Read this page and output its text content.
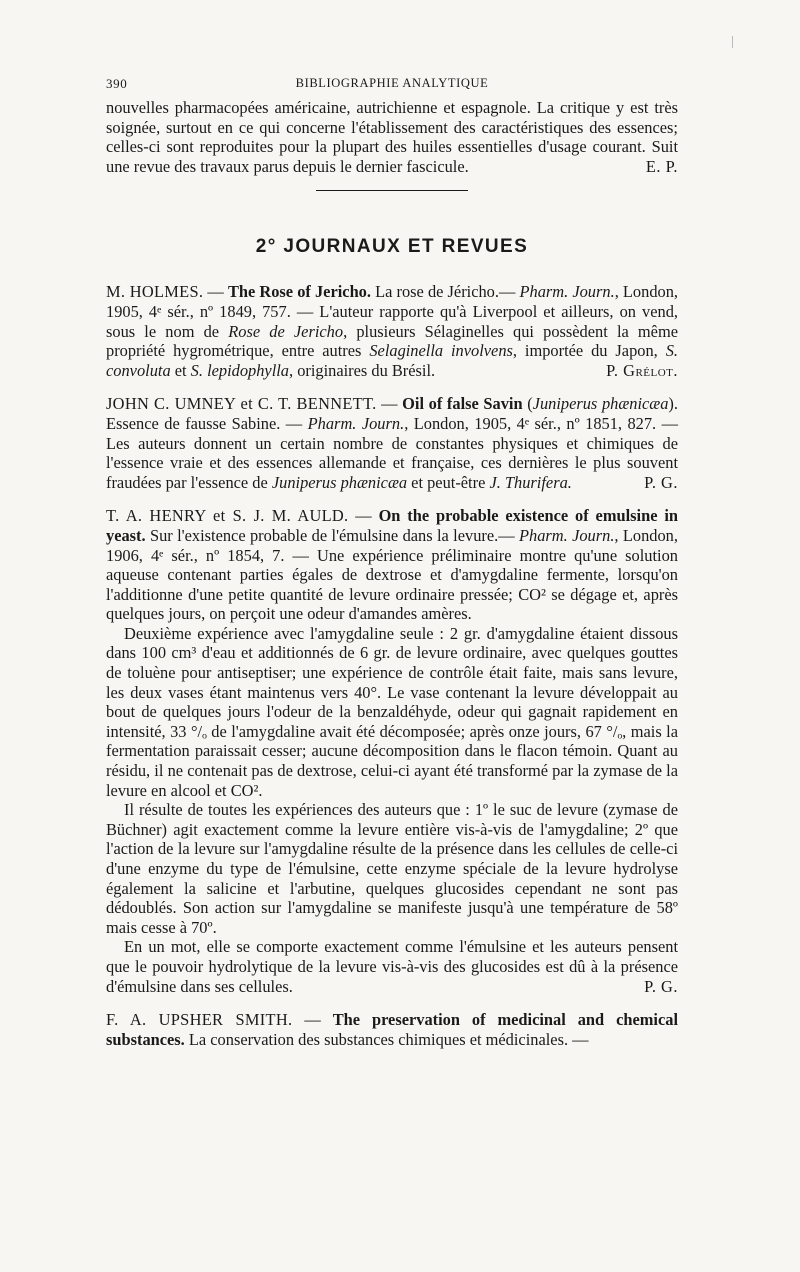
390	BIBLIOGRAPHIE ANALYTIQUE

nouvelles pharmacopées américaine, autrichienne et espagnole. La critique y est très soignée, surtout en ce qui concerne l'établissement des caractéristiques des essences; celles-ci sont reproduites pour la plupart des huiles essentielles d'usage courant. Suit une revue des travaux parus depuis le dernier fascicule.	E. P.

2° JOURNAUX ET REVUES

M. HOLMES. — The Rose of Jericho. La rose de Jéricho.— Pharm. Journ., London, 1905, 4ᵉ sér., nº 1849, 757. — L'auteur rapporte qu'à Liverpool et ailleurs, on vend, sous le nom de Rose de Jericho, plusieurs Sélaginelles qui possèdent la même propriété hygrométrique, entre autres Selaginella involvens, importée du Japon, S. convoluta et S. lepidophylla, originaires du Brésil.	P. Grélot.

JOHN C. UMNEY et C. T. BENNETT. — Oil of false Savin (Juniperus phænicæa). Essence de fausse Sabine. — Pharm. Journ., London, 1905, 4ᵉ sér., nº 1851, 827. — Les auteurs donnent un certain nombre de constantes physiques et chimiques de l'essence vraie et des essences allemande et française, ces dernières le plus souvent fraudées par l'essence de Juniperus phænicæa et peut-être J. Thurifera.	P. G.

T. A. HENRY et S. J. M. AULD. — On the probable existence of emulsine in yeast. Sur l'existence probable de l'émulsine dans la levure.— Pharm. Journ., London, 1906, 4ᵉ sér., nº 1854, 7. — Une expérience préliminaire montre qu'une solution aqueuse contenant parties égales de dextrose et d'amygdaline fermente, lorsqu'on l'additionne d'une petite quantité de levure ordinaire pressée; CO² se dégage et, après quelques jours, on perçoit une odeur d'amandes amères.

Deuxième expérience avec l'amygdaline seule : 2 gr. d'amygdaline étaient dissous dans 100 cm³ d'eau et additionnés de 6 gr. de levure ordinaire, avec quelques gouttes de toluène pour antiseptiser; une expérience de contrôle était faite, mais sans levure, les deux vases étant maintenus vers 40°. Le vase contenant la levure développait au bout de quelques jours l'odeur de la benzaldéhyde, odeur qui gagnait rapidement en intensité, 33 °/ₒ de l'amygdaline avait été décomposée; après onze jours, 67 °/ₒ, mais la fermentation paraissait cesser; aucune décomposition dans le flacon témoin. Quant au résidu, il ne contenait pas de dextrose, celui-ci ayant été transformé par la zymase de la levure en alcool et CO².

Il résulte de toutes les expériences des auteurs que : 1º le suc de levure (zymase de Büchner) agit exactement comme la levure entière vis-à-vis de l'amygdaline; 2º que l'action de la levure sur l'amygdaline résulte de la présence dans les cellules de celle-ci d'une enzyme du type de l'émulsine, cette enzyme spéciale de la levure hydrolyse également la salicine et l'arbutine, quelques glucosides cependant ne sont pas dédoublés. Son action sur l'amygdaline se manifeste jusqu'à une température de 58º mais cesse à 70º.

En un mot, elle se comporte exactement comme l'émulsine et les auteurs pensent que le pouvoir hydrolytique de la levure vis-à-vis des glucosides est dû à la présence d'émulsine dans ses cellules.	P. G.

F. A. UPSHER SMITH. — The preservation of medicinal and chemical substances. La conservation des substances chimiques et médicinales. —
